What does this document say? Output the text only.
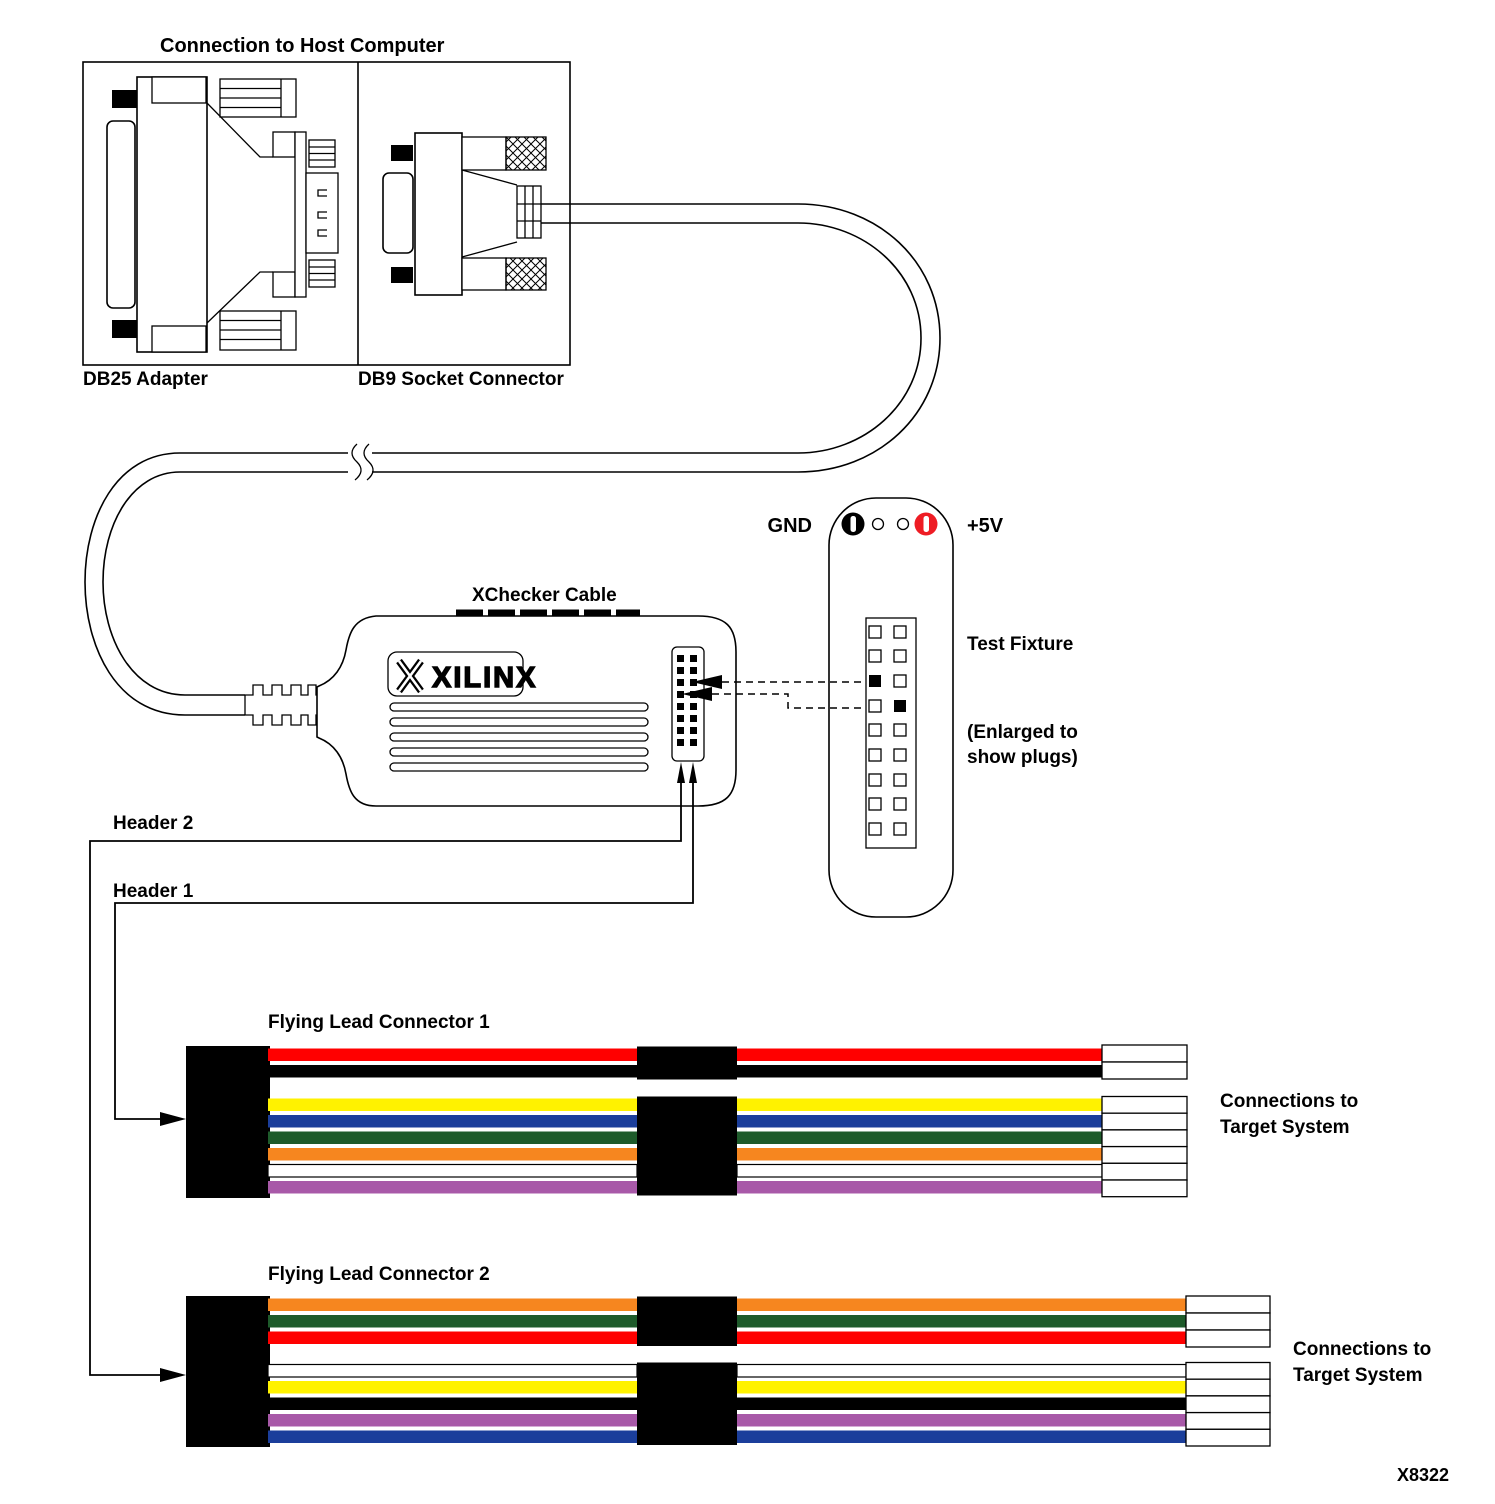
Connection to Host Computer
DB25 Adapter	DB9 Socket Connector
XChecker Cable
XILINX
GND	+5V
Test Fixture
(Enlarged to
show plugs)
Header 2
Header 1
Flying Lead Connector 1
VCC
GND
CCLK
D/P
DIN
PROG
INIT
RST
Connections to
Target System
Flying Lead Connector 2
RT
RD
TRIG
TDI
TCK
TMS
CLK1
CLK0
Connections to
Target System
X8322
